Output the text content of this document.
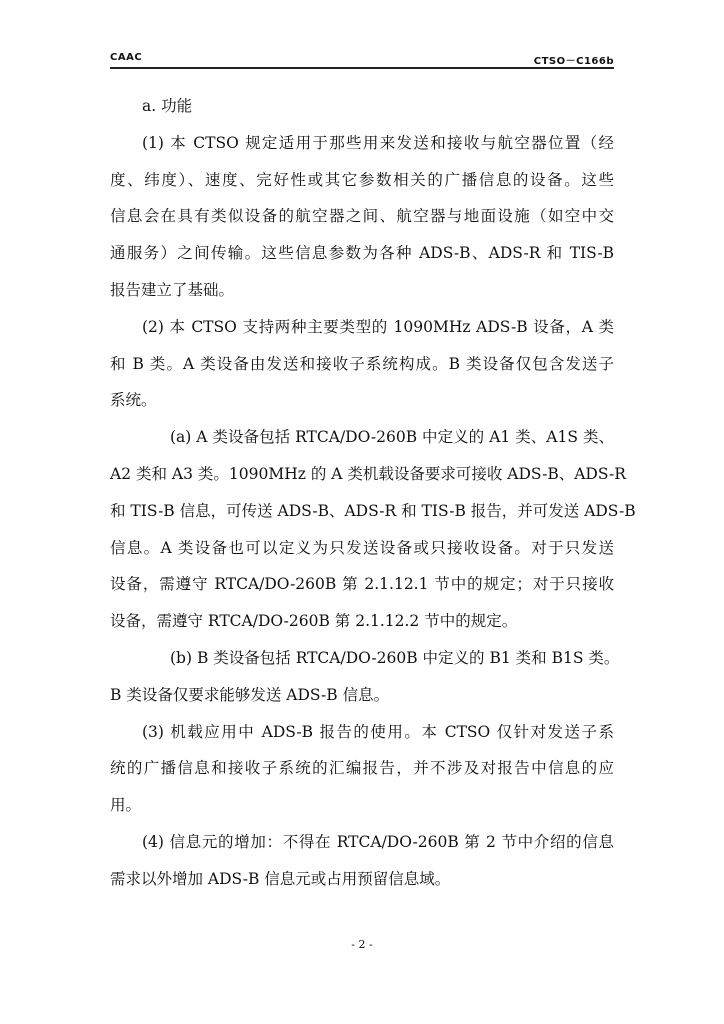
CAAC	CTSO－C166b
a. 功能
(1) 本 CTSO 规定适用于那些用来发送和接收与航空器位置（经
度、纬度）、速度、完好性或其它参数相关的广播信息的设备。这些
信息会在具有类似设备的航空器之间、航空器与地面设施（如空中交
通服务）之间传输。这些信息参数为各种 ADS-B、ADS-R 和 TIS-B
报告建立了基础。
(2) 本 CTSO 支持两种主要类型的 1090MHz ADS-B 设备，A 类
和 B 类。A 类设备由发送和接收子系统构成。B 类设备仅包含发送子
系统。
(a) A 类设备包括 RTCA/DO-260B 中定义的 A1 类、A1S 类、
A2 类和 A3 类。1090MHz 的 A 类机载设备要求可接收 ADS-B、ADS-R
和 TIS-B 信息，可传送 ADS-B、ADS-R 和 TIS-B 报告，并可发送 ADS-B
信息。A 类设备也可以定义为只发送设备或只接收设备。对于只发送
设备，需遵守 RTCA/DO-260B 第 2.1.12.1 节中的规定；对于只接收
设备，需遵守 RTCA/DO-260B 第 2.1.12.2 节中的规定。
(b) B 类设备包括 RTCA/DO-260B 中定义的 B1 类和 B1S 类。
B 类设备仅要求能够发送 ADS-B 信息。
(3) 机载应用中 ADS-B 报告的使用。本 CTSO 仅针对发送子系
统的广播信息和接收子系统的汇编报告，并不涉及对报告中信息的应
用。
(4) 信息元的增加：不得在 RTCA/DO-260B 第 2 节中介绍的信息
需求以外增加 ADS-B 信息元或占用预留信息域。
- 2 -
